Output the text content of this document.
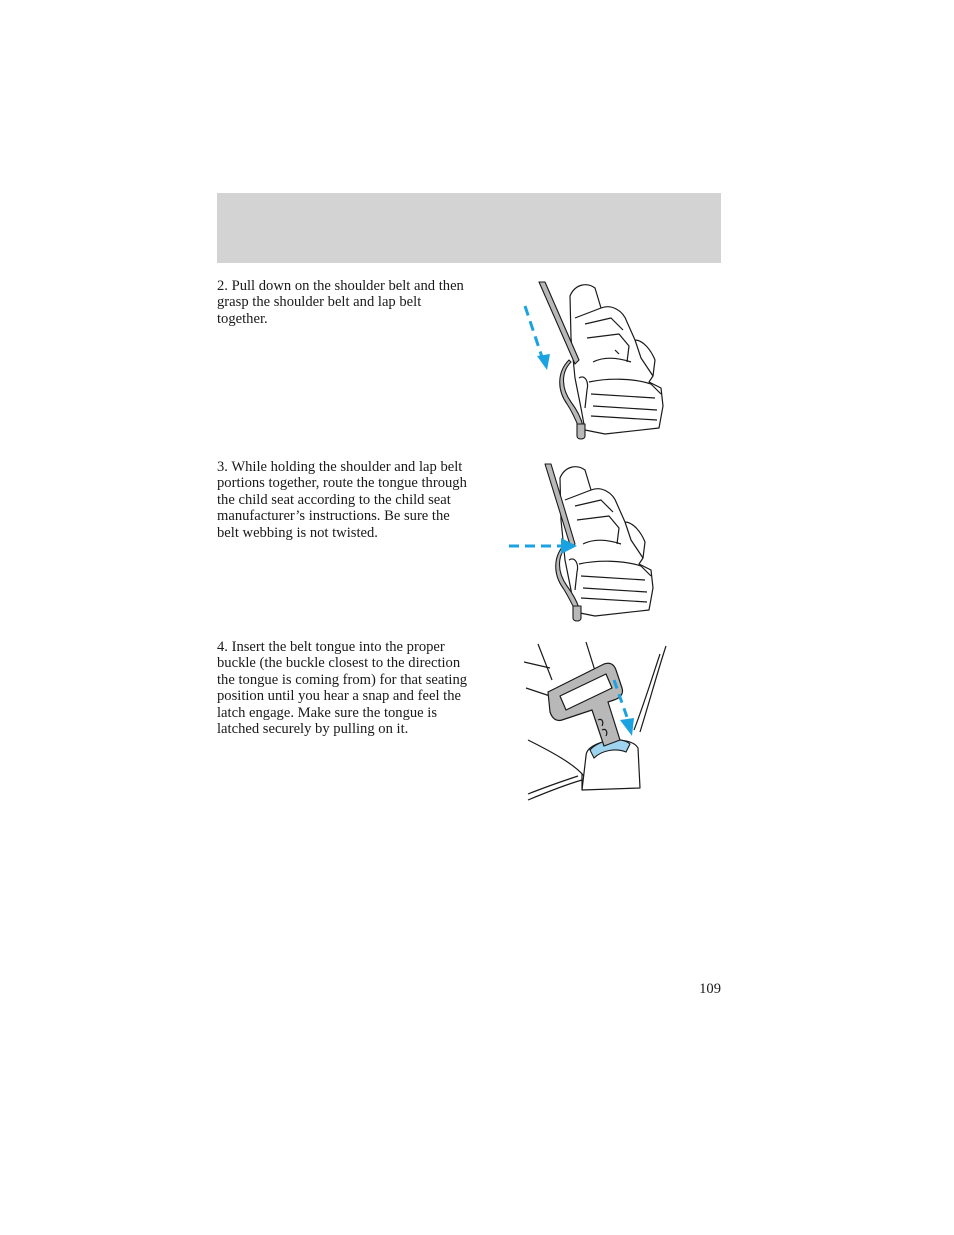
2. Pull down on the shoulder belt and then grasp the shoulder belt and lap belt together.

3. While holding the shoulder and lap belt portions together, route the tongue through the child seat according to the child seat manufacturer’s instructions. Be sure the belt webbing is not twisted.

4. Insert the belt tongue into the proper buckle (the buckle closest to the direction the tongue is coming from) for that seating position until you hear a snap and feel the latch engage. Make sure the tongue is latched securely by pulling on it.

109
